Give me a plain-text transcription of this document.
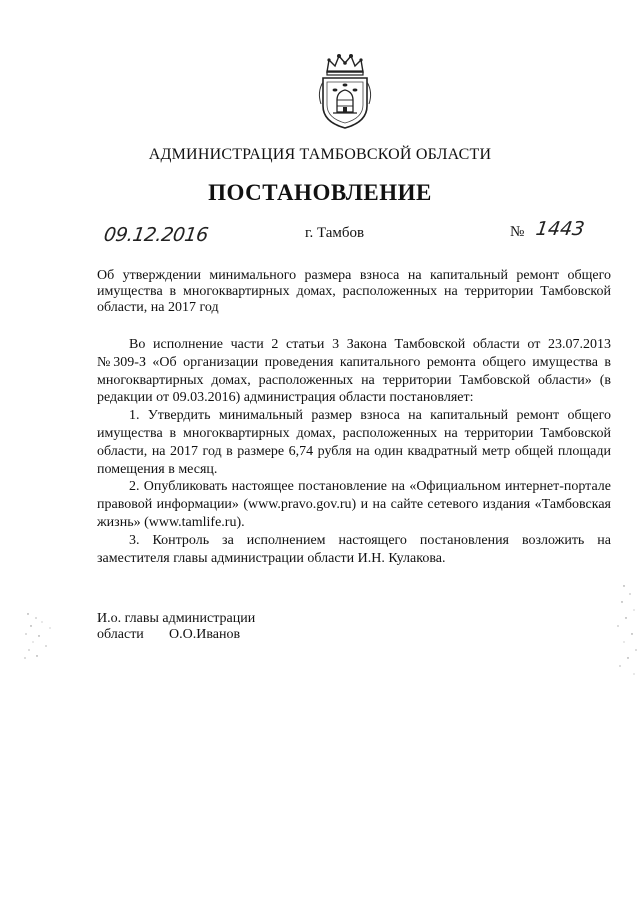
АДМИНИСТРАЦИЯ ТАМБОВСКОЙ ОБЛАСТИ
ПОСТАНОВЛЕНИЕ
09.12.2016	г. Тамбов	№ 1443
Об утверждении минимального размера взноса на капитальный ремонт общего имущества в многоквартирных домах, расположенных на территории Тамбовской области, на 2017 год

Во исполнение части 2 статьи 3 Закона Тамбовской области от 23.07.2013 №309-З «Об организации проведения капитального ремонта общего имущества в многоквартирных домах, расположенных на территории Тамбовской области» (в редакции от 09.03.2016) администрация области постановляет:

1. Утвердить минимальный размер взноса на капитальный ремонт общего имущества в многоквартирных домах, расположенных на территории Тамбовской области, на 2017 год в размере 6,74 рубля на один квадратный метр общей площади помещения в месяц.

2. Опубликовать настоящее постановление на «Официальном интернет-портале правовой информации» (www.pravo.gov.ru) и на сайте сетевого издания «Тамбовская жизнь» (www.tamlife.ru).

3. Контроль за исполнением настоящего постановления возложить на заместителя главы администрации области И.Н. Кулакова.

И.о. главы администрации
области	О.О.Иванов
